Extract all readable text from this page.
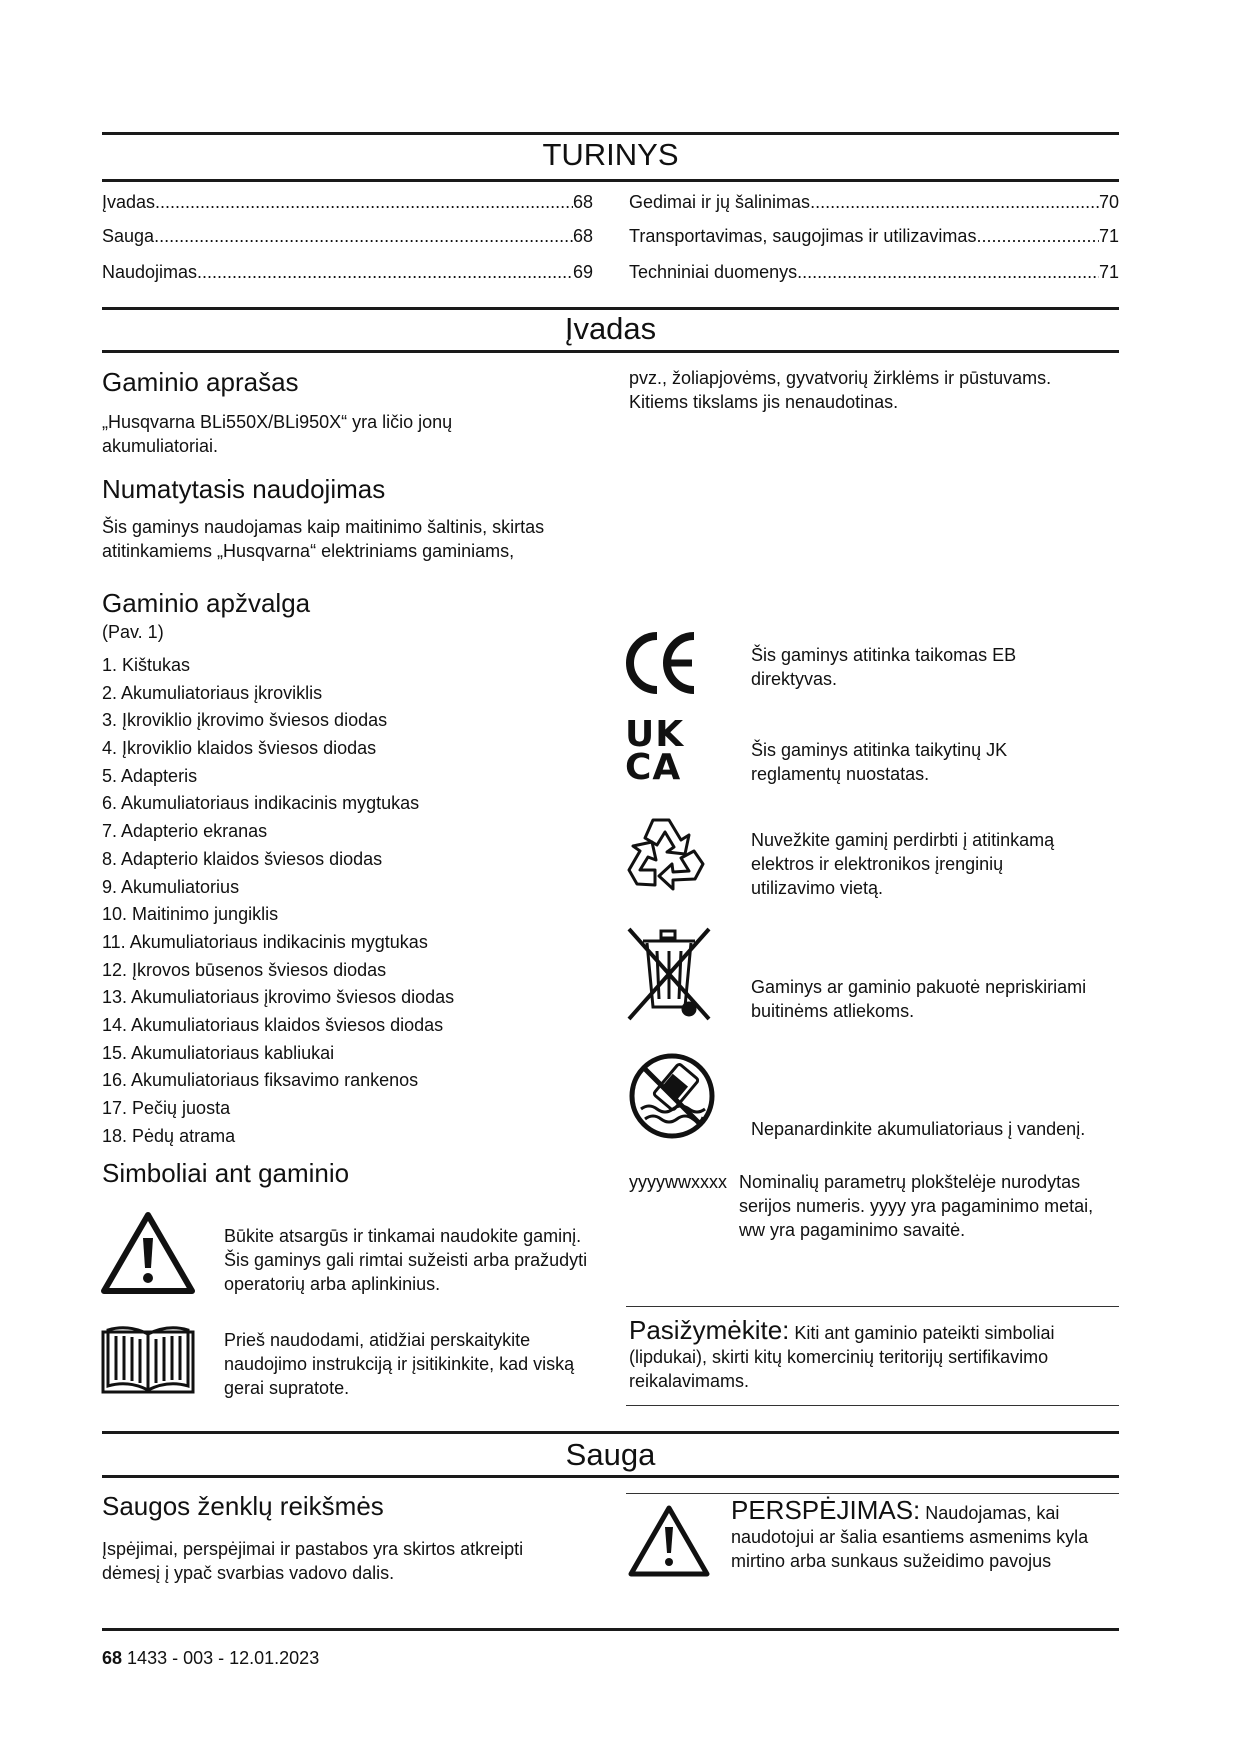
TURINYS
Įvadas .....	68
Sauga .....	68
Naudojimas .....	69
Gedimai ir jų šalinimas .....	70
Transportavimas, saugojimas ir utilizavimas .....	71
Techniniai duomenys .....	71
Įvadas
Gaminio aprašas
„Husqvarna BLi550X/BLi950X“ yra ličio jonų akumuliatoriai.
Numatytasis naudojimas
Šis gaminys naudojamas kaip maitinimo šaltinis, skirtas atitinkamiems „Husqvarna“ elektriniams gaminiams,
pvz., žoliapjovėms, gyvatvorių žirklėms ir pūstuvams. Kitiems tikslams jis nenaudotinas.
Gaminio apžvalga
(Pav. 1)
1. Kištukas
2. Akumuliatoriaus įkroviklis
3. Įkroviklio įkrovimo šviesos diodas
4. Įkroviklio klaidos šviesos diodas
5. Adapteris
6. Akumuliatoriaus indikacinis mygtukas
7. Adapterio ekranas
8. Adapterio klaidos šviesos diodas
9. Akumuliatorius
10. Maitinimo jungiklis
11. Akumuliatoriaus indikacinis mygtukas
12. Įkrovos būsenos šviesos diodas
13. Akumuliatoriaus įkrovimo šviesos diodas
14. Akumuliatoriaus klaidos šviesos diodas
15. Akumuliatoriaus kabliukai
16. Akumuliatoriaus fiksavimo rankenos
17. Pečių juosta
18. Pėdų atrama
Šis gaminys atitinka taikomas EB direktyvas.
UK
CA	Šis gaminys atitinka taikytinų JK reglamentų nuostatas.
Nuvežkite gaminį perdirbti į atitinkamą elektros ir elektronikos įrenginių utilizavimo vietą.
Gaminys ar gaminio pakuotė nepriskiriami buitinėms atliekoms.
Nepanardinkite akumuliatoriaus į vandenį.
yyyywwxxxx Nominalių parametrų plokštelėje nurodytas serijos numeris. yyyy yra pagaminimo metai, ww yra pagaminimo savaitė.
Simboliai ant gaminio
Būkite atsargūs ir tinkamai naudokite gaminį. Šis gaminys gali rimtai sužeisti arba pražudyti operatorių arba aplinkinius.
Prieš naudodami, atidžiai perskaitykite naudojimo instrukciją ir įsitikinkite, kad viską gerai supratote.
Pasižymėkite: Kiti ant gaminio pateikti simboliai (lipdukai), skirti kitų komercinių teritorijų sertifikavimo reikalavimams.
Sauga
Saugos ženklų reikšmės
Įspėjimai, perspėjimai ir pastabos yra skirtos atkreipti dėmesį į ypač svarbias vadovo dalis.
PERSPĖJIMAS: Naudojamas, kai naudotojui ar šalia esantiems asmenims kyla mirtino arba sunkaus sužeidimo pavojus
68 1433 - 003 - 12.01.2023
